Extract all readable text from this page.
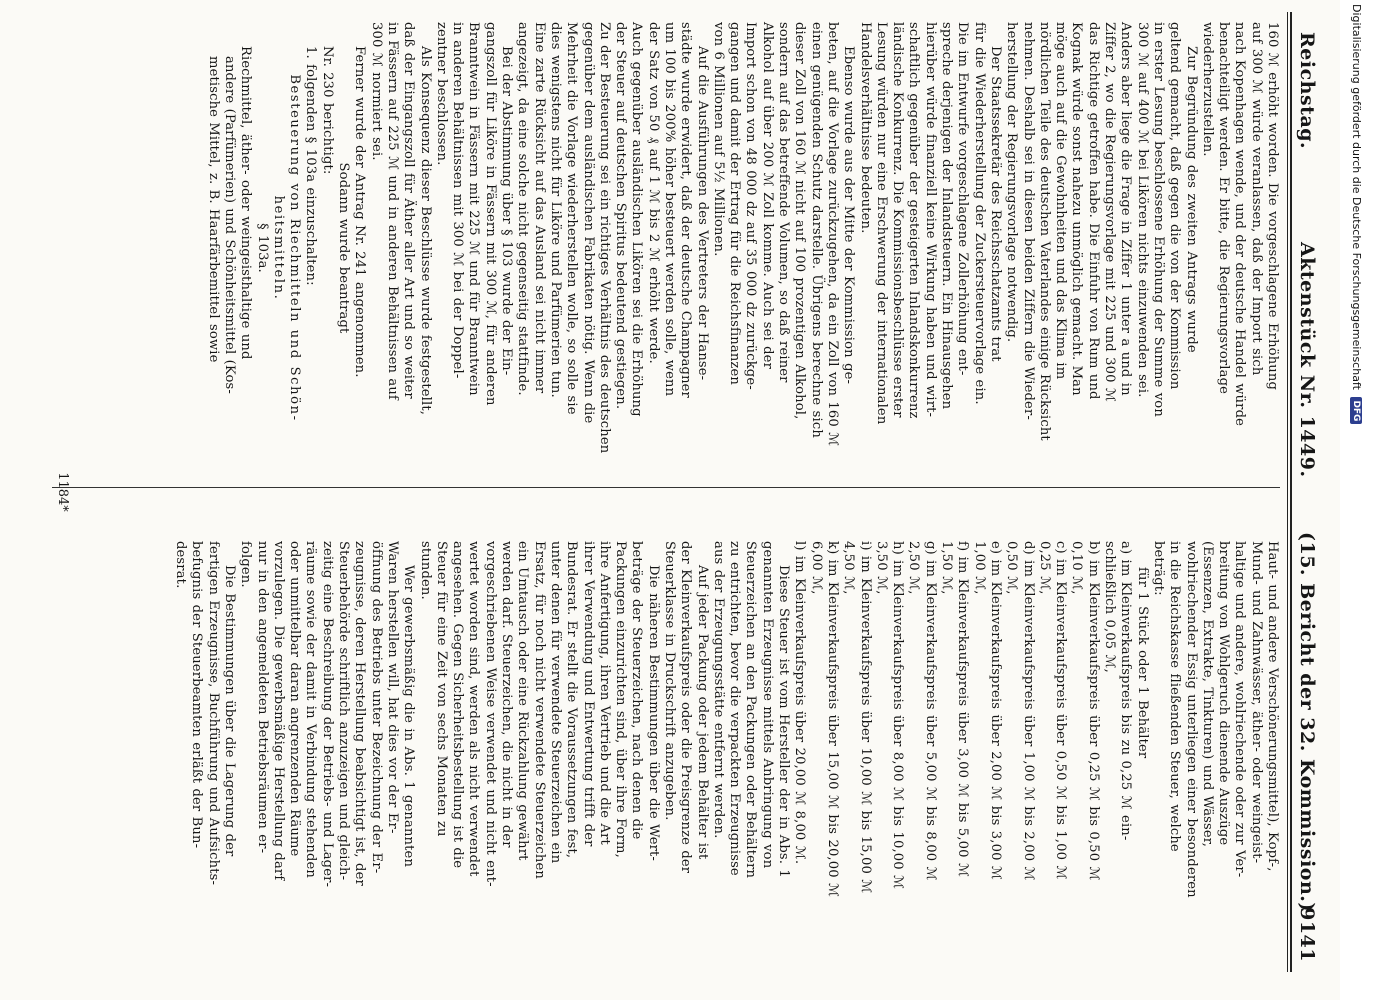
Reichstag.
Aktenstück Nr. 1449.
(15. Bericht der 32. Kommission.)
9141

160 ℳ erhöht worden. Die vorgeschlagene Erhöhung

auf 300 ℳ würde veranlassen, daß der Import sich

nach Kopenhagen wende, und der deutsche Handel würde

benachteiligt werden. Er bitte, die Regierungsvorlage

wiederherzustellen.

Zur Begründung des zweiten Antrags wurde

geltend gemacht, daß gegen die von der Kommission

in erster Lesung beschlossene Erhöhung der Summe von

300 ℳ auf 400 ℳ bei Likören nichts einzuwenden sei.

Anders aber liege die Frage in Ziffer 1 unter a und in

Ziffer 2, wo die Regierungsvorlage mit 225 und 300 ℳ

das Richtige getroffen habe. Die Einfuhr von Rum und

Kognak würde sonst nahezu unmöglich gemacht. Man

möge auch auf die Gewohnheiten und das Klima im

nördlichen Teile des deutschen Vaterlandes einige Rücksicht

nehmen. Deshalb sei in diesen beiden Ziffern die Wieder-

herstellung der Regierungsvorlage notwendig.

Der Staatssekretär des Reichsschatzamts trat

für die Wiederherstellung der Zuckersteuervorlage ein.

Die im Entwurfe vorgeschlagene Zollerhöhung ent-

spreche derjenigen der Inlandsteuern. Ein Hinausgehen

hierüber würde finanziell keine Wirkung haben und wirt-

schaftlich gegenüber der gesteigerten Inlandskonkurrenz

ländische Konkurrenz. Die Kommissionsbeschlüsse erster

Lesung würden nur eine Erschwerung der internationalen

Handelsverhältnisse bedeuten.

Ebenso wurde aus der Mitte der Kommission ge-

beten, auf die Vorlage zurückzugehen, da ein Zoll von 160 ℳ

einen genügenden Schutz darstelle. Übrigens berechne sich

dieser Zoll von 160 ℳ nicht auf 100 prozentigen Alkohol,

sondern auf das betreffende Volumen, so daß reiner

Alkohol auf über 200 ℳ Zoll komme. Auch sei der

Import schon von 48 000 dz auf 35 000 dz zurückge-

gangen und damit der Ertrag für die Reichsfinanzen

von 6 Millionen auf 5½ Millionen.

Auf die Ausführungen des Vertreters der Hanse-

städte wurde erwidert, daß der deutsche Champagner

um 100 bis 200% höher besteuert werden solle, wenn

der Satz von 50 ₰ auf 1 ℳ bis 2 ℳ erhöht werde.

Auch gegenüber ausländischen Likören sei die Erhöhung

der Steuer auf deutschen Spiritus bedeutend gestiegen.

Zu der Besteuerung sei ein richtiges Verhältnis des deutschen

gegenüber dem ausländischen Fabrikaten nötig. Wenn die

Mehrheit die Vorlage wiederherstellen wolle, so solle sie

dies wenigstens nicht für Liköre und Parfümerien tun.

Eine zarte Rücksicht auf das Ausland sei nicht immer

angezeigt, da eine solche nicht gegenseitig stattfinde.

Bei der Abstimmung über § 103 wurde der Ein-

gangszoll für Liköre in Fässern mit 300 ℳ, für anderen

Branntwein in Fässern mit 225 ℳ und für Branntwein

in anderen Behältnissen mit 300 ℳ bei der Doppel-

zentner beschlossen.

Als Konsequenz dieser Beschlüsse wurde festgestellt,

daß der Eingangszoll für Äther aller Art und so weiter

in Fässern auf 225 ℳ und in anderen Behältnissen auf

300 ℳ normiert sei.

Ferner wurde der Antrag Nr. 241 angenommen.

Sodann wurde beantragt

Nr. 230 berichtigt:

1. folgenden § 103a einzuschalten:

Besteuerung von Riechmitteln und Schön-

heitsmitteln.

§ 103a.

Riechmittel, äther- oder weingeisthaltige und

andere (Parfümerien) und Schönheitsmittel (Kos-

metische Mittel, z. B. Haarfärbemittel sowie

Haut- und andere Verschönerungsmittel), Kopf-,

Mund- und Zahnwässer, äther- oder weingeist-

haltige und andere, wohlriechende oder zur Ver-

breitung von Wohlgeruch dienende Auszüge

(Essenzen, Extrakte, Tinkturen) und Wässer,

wohlriechender Essig unterliegen einer besonderen

in die Reichskasse fließenden Steuer, welche

beträgt:

für 1 Stück oder 1 Behälter

a) im Kleinverkaufspreis bis zu 0,25 ℳ ein-

schließlich 0,05 ℳ,

b) im Kleinverkaufspreis über 0,25 ℳ bis 0,50 ℳ

0,10 ℳ,

c) im Kleinverkaufspreis über 0,50 ℳ bis 1,00 ℳ

0,25 ℳ,

d) im Kleinverkaufspreis über 1,00 ℳ bis 2,00 ℳ

0,50 ℳ,

e) im Kleinverkaufspreis über 2,00 ℳ bis 3,00 ℳ

1,00 ℳ,

f) im Kleinverkaufspreis über 3,00 ℳ bis 5,00 ℳ

1,50 ℳ,

g) im Kleinverkaufspreis über 5,00 ℳ bis 8,00 ℳ

2,50 ℳ,

h) im Kleinverkaufspreis über 8,00 ℳ bis 10,00 ℳ

3,50 ℳ,

i) im Kleinverkaufspreis über 10,00 ℳ bis 15,00 ℳ

4,50 ℳ,

k) im Kleinverkaufspreis über 15,00 ℳ bis 20,00 ℳ

6,00 ℳ,

l) im Kleinverkaufspreis über 20,00 ℳ 8,00 ℳ.

Diese Steuer ist vom Hersteller der in Abs. 1

genannten Erzeugnisse mittels Anbringung von

Steuerzeichen an den Packungen oder Behältern

zu entrichten, bevor die verpackten Erzeugnisse

aus der Erzeugungsstätte entfernt werden.

Auf jeder Packung oder jedem Behälter ist

der Kleinverkaufspreis oder die Preisgrenze der

Steuerklasse in Druckschrift anzugeben.

Die näheren Bestimmungen über die Wert-

beträge der Steuerzeichen, nach denen die

Packungen einzurichten sind, über ihre Form,

ihre Anfertigung, ihren Vertrieb und die Art

ihrer Verwendung und Entwertung trifft der

Bundesrat. Er stellt die Voraussetzungen fest,

unter denen für verwendete Steuerzeichen ein

Ersatz, für noch nicht verwendete Steuerzeichen

ein Umtausch oder eine Rückzahlung gewährt

werden darf. Steuerzeichen, die nicht in der

vorgeschriebenen Weise verwendet und nicht ent-

wertet worden sind, werden als nicht verwendet

angesehen. Gegen Sicherheitsbestellung ist die

Steuer für eine Zeit von sechs Monaten zu

stunden.

Wer gewerbsmäßig die in Abs. 1 genannten

Waren herstellen will, hat dies vor der Er-

öffnung des Betriebs unter Bezeichnung der Er-

zeugnisse, deren Herstellung beabsichtigt ist, der

Steuerbehörde schriftlich anzuzeigen und gleich-

zeitig eine Beschreibung der Betriebs- und Lager-

räume sowie der damit in Verbindung stehenden

oder unmittelbar daran angrenzenden Räume

vorzulegen. Die gewerbsmäßige Herstellung darf

nur in den angemeldeten Betriebsräumen er-

folgen.

Die Bestimmungen über die Lagerung der

fertigen Erzeugnisse, Buchführung und Aufsichts-

befugnis der Steuerbeamten erläßt der Bun-

desrat.

1184*
Digitalisierung gefördert durch die Deutsche Forschungsgemeinschaft DFG
